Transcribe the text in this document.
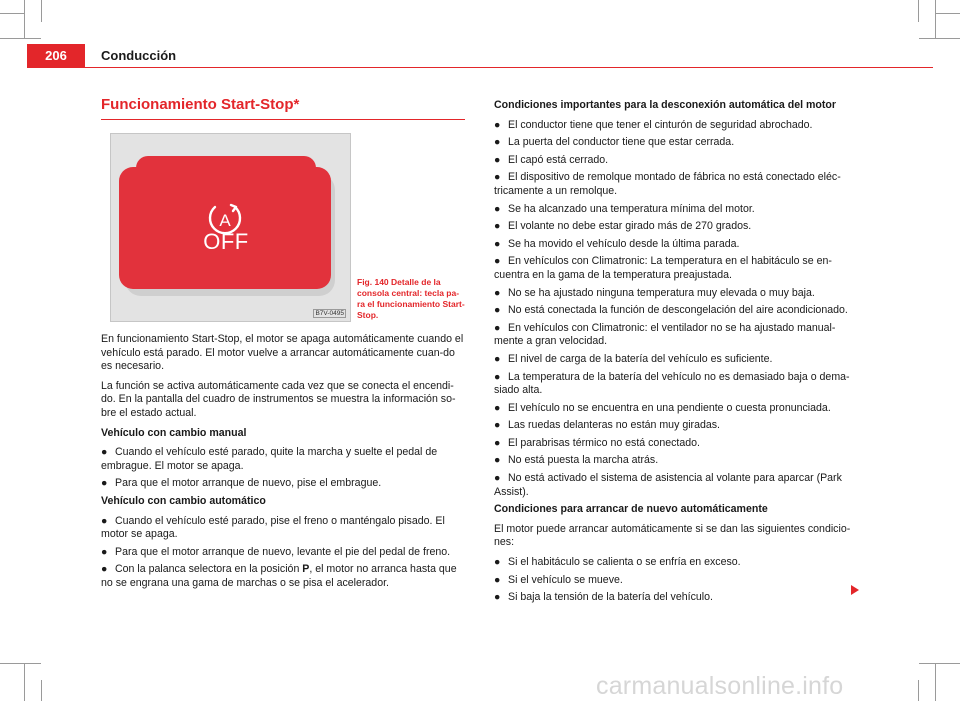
206	Conducción
Funcionamiento Start-Stop*
A
OFF
B7V-0495
Fig. 140 Detalle de la consola central: tecla pa-ra el funcionamiento Start-Stop.

En funcionamiento Start-Stop, el motor se apaga automáticamente cuando el vehículo está parado. El motor vuelve a arrancar automáticamente cuan-do es necesario.

La función se activa automáticamente cada vez que se conecta el encendi-do. En la pantalla del cuadro de instrumentos se muestra la información so-bre el estado actual.

Vehículo con cambio manual

● Cuando el vehículo esté parado, quite la marcha y suelte el pedal de embrague. El motor se apaga.

● Para que el motor arranque de nuevo, pise el embrague.

Vehículo con cambio automático

● Cuando el vehículo esté parado, pise el freno o manténgalo pisado. El motor se apaga.

● Para que el motor arranque de nuevo, levante el pie del pedal de freno.

● Con la palanca selectora en la posición P, el motor no arranca hasta que no se engrana una gama de marchas o se pisa el acelerador.

Condiciones importantes para la desconexión automática del motor

● El conductor tiene que tener el cinturón de seguridad abrochado.

● La puerta del conductor tiene que estar cerrada.

● El capó está cerrado.

● El dispositivo de remolque montado de fábrica no está conectado eléc-tricamente a un remolque.

● Se ha alcanzado una temperatura mínima del motor.

● El volante no debe estar girado más de 270 grados.

● Se ha movido el vehículo desde la última parada.

● En vehículos con Climatronic: La temperatura en el habitáculo se en-cuentra en la gama de la temperatura preajustada.

● No se ha ajustado ninguna temperatura muy elevada o muy baja.

● No está conectada la función de descongelación del aire acondicionado.

● En vehículos con Climatronic: el ventilador no se ha ajustado manual-mente a gran velocidad.

● El nivel de carga de la batería del vehículo es suficiente.

● La temperatura de la batería del vehículo no es demasiado baja o dema-siado alta.

● El vehículo no se encuentra en una pendiente o cuesta pronunciada.

● Las ruedas delanteras no están muy giradas.

● El parabrisas térmico no está conectado.

● No está puesta la marcha atrás.

● No está activado el sistema de asistencia al volante para aparcar (Park Assist).

Condiciones para arrancar de nuevo automáticamente

El motor puede arrancar automáticamente si se dan las siguientes condicio-nes:

● Si el habitáculo se calienta o se enfría en exceso.

● Si el vehículo se mueve.

● Si baja la tensión de la batería del vehículo.

carmanualsonline.info
